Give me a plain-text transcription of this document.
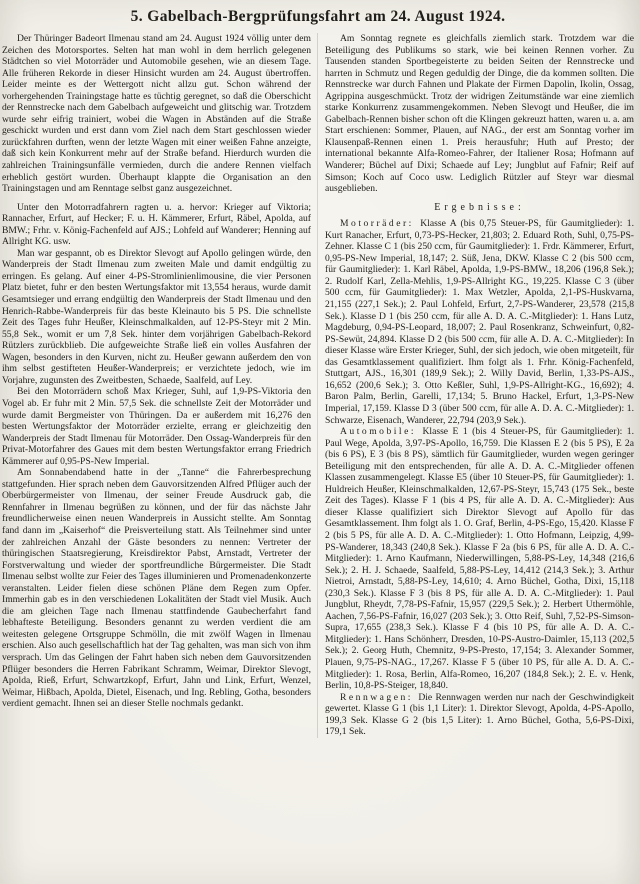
5. Gabelbach-Bergprüfungsfahrt am 24. August 1924.

Der Thüringer Badeort Ilmenau stand am 24. August 1924 völlig unter dem Zeichen des Motorsportes. Selten hat man wohl in dem herrlich gelegenen Städtchen so viel Motorräder und Automobile gesehen, wie an diesem Tage. Alle früheren Rekorde in dieser Hinsicht wurden am 24. August übertroffen. Leider meinte es der Wettergott nicht allzu gut. Schon während der vorhergehenden Trainingstage hatte es tüchtig geregnet, so daß die Oberschicht der Rennstrecke nach dem Gabelbach aufgeweicht und glitschig war. Trotzdem wurde sehr eifrig trainiert, wobei die Wagen in Abständen auf die Straße geschickt wurden und erst dann vom Ziel nach dem Start geschlossen wieder zurückfahren durften, wenn der letzte Wagen mit einer weißen Fahne anzeigte, daß sich kein Konkurrent mehr auf der Straße befand. Hierdurch wurden die zahlreichen Trainingsunfälle vermieden, durch die andere Rennen vielfach erheblich gestört wurden. Überhaupt klappte die Organisation an den Trainingstagen und am Renntage selbst ganz ausgezeichnet.

Unter den Motorradfahrern ragten u. a. hervor: Krieger auf Viktoria; Rannacher, Erfurt, auf Hecker; F. u. H. Kämmerer, Erfurt, Räbel, Apolda, auf BMW.; Frhr. v. König-Fachenfeld auf AJS.; Lohfeld auf Wanderer; Henning auf Allright KG. usw.

Man war gespannt, ob es Direktor Slevogt auf Apollo gelingen würde, den Wanderpreis der Stadt Ilmenau zum zweiten Male und damit endgültig zu erringen. Es gelang. Auf einer 4-PS-Stromlinienlimousine, die vier Personen Platz bietet, fuhr er den besten Wertungsfaktor mit 13,554 heraus, wurde damit Gesamtsieger und errang endgültig den Wanderpreis der Stadt Ilmenau und den Henrich-Rabbe-Wanderpreis für das beste Kleinauto bis 5 PS. Die schnellste Zeit des Tages fuhr Heußer, Kleinschmalkalden, auf 12-PS-Steyr mit 2 Min. 55,8 Sek., womit er um 7,8 Sek. hinter dem vorjährigen Gabelbach-Rekord Rützlers zurückblieb. Die aufgeweichte Straße ließ ein volles Ausfahren der Wagen, besonders in den Kurven, nicht zu. Heußer gewann außerdem den von ihm selbst gestifteten Heußer-Wanderpreis; er verzichtete jedoch, wie im Vorjahre, zugunsten des Zweitbesten, Schaede, Saalfeld, auf Ley.

Bei den Motorrädern schoß Max Krieger, Suhl, auf 1,9-PS-Viktoria den Vogel ab. Er fuhr mit 2 Min. 57,5 Sek. die schnellste Zeit der Motorräder und wurde damit Bergmeister von Thüringen. Da er außerdem mit 16,276 den besten Wertungsfaktor der Motorräder erzielte, errang er gleichzeitig den Wanderpreis der Stadt Ilmenau für Motorräder. Den Ossag-Wanderpreis für den Privat-Motorfahrer des Gaues mit dem besten Wertungsfaktor errang Friedrich Kämmerer auf 0,95-PS-New Imperial.

Am Sonnabendabend hatte in der „Tanne“ die Fahrerbesprechung stattgefunden. Hier sprach neben dem Gauvorsitzenden Alfred Pflüger auch der Oberbürgermeister von Ilmenau, der seiner Freude Ausdruck gab, die Rennfahrer in Ilmenau begrüßen zu können, und der für das nächste Jahr freundlicherweise einen neuen Wanderpreis in Aussicht stellte. Am Sonntag fand dann im „Kaiserhof“ die Preisverteilung statt. Als Teilnehmer sind unter der zahlreichen Anzahl der Gäste besonders zu nennen: Vertreter der thüringischen Staatsregierung, Kreisdirektor Pabst, Arnstadt, Vertreter der Forstverwaltung und wieder der sportfreundliche Bürgermeister. Die Stadt Ilmenau selbst wollte zur Feier des Tages illuminieren und Promenadenkonzerte veranstalten. Leider fielen diese schönen Pläne dem Regen zum Opfer. Immerhin gab es in den verschiedenen Lokalitäten der Stadt viel Musik. Auch die am gleichen Tage nach Ilmenau stattfindende Gaubecherfahrt fand lebhafteste Beteiligung. Besonders genannt zu werden verdient die am weitesten gelegene Ortsgruppe Schmölln, die mit zwölf Wagen in Ilmenau erschien. Also auch gesellschaftlich hat der Tag gehalten, was man sich von ihm versprach. Um das Gelingen der Fahrt haben sich neben dem Gauvorsitzenden Pflüger besonders die Herren Fabrikant Schramm, Weimar, Direktor Slevogt, Apolda, Rieß, Erfurt, Schwartzkopf, Erfurt, Jahn und Link, Erfurt, Wenzel, Weimar, Hißbach, Apolda, Dietel, Eisenach, und Ing. Rebling, Gotha, besonders verdient gemacht. Ihnen sei an dieser Stelle nochmals gedankt.

Am Sonntag regnete es gleichfalls ziemlich stark. Trotzdem war die Beteiligung des Publikums so stark, wie bei keinen Rennen vorher. Zu Tausenden standen Sportbegeisterte zu beiden Seiten der Rennstrecke und harrten in Schmutz und Regen geduldig der Dinge, die da kommen sollten. Die Rennstrecke war durch Fahnen und Plakate der Firmen Dapolin, Ikolin, Ossag, Agrippina ausgeschmückt. Trotz der widrigen Zeitumstände war eine ziemlich starke Konkurrenz zusammengekommen. Neben Slevogt und Heußer, die im Gabelbach-Rennen bisher schon oft die Klingen gekreuzt hatten, waren u. a. am Start erschienen: Sommer, Plauen, auf NAG., der erst am Sonntag vorher im Klausenpaß-Rennen einen 1. Preis herausfuhr; Huth auf Presto; der international bekannte Alfa-Romeo-Fahrer, der Italiener Rosa; Hofmann auf Wanderer; Büchel auf Dixi; Schaede auf Ley; Jungblut auf Fafnir; Reif auf Simson; Koch auf Coco usw. Lediglich Rützler auf Steyr war diesmal ausgeblieben.

Ergebnisse:

Motorräder: Klasse A (bis 0,75 Steuer-PS, für Gaumitglieder): 1. Kurt Ranacher, Erfurt, 0,73-PS-Hecker, 21,803; 2. Eduard Roth, Suhl, 0,75-PS-Zehner. Klasse C 1 (bis 250 ccm, für Gaumitglieder): 1. Frdr. Kämmerer, Erfurt, 0,95-PS-New Imperial, 18,147; 2. Süß, Jena, DKW. Klasse C 2 (bis 500 ccm, für Gaumitglieder): 1. Karl Räbel, Apolda, 1,9-PS-BMW., 18,206 (196,8 Sek.); 2. Rudolf Karl, Zella-Mehlis, 1,9-PS-Allright KG., 19,225. Klasse C 3 (über 500 ccm, für Gaumitglieder): 1. Max Wetzler, Apolda, 2,1-PS-Huskvarna, 21,155 (227,1 Sek.); 2. Paul Lohfeld, Erfurt, 2,7-PS-Wanderer, 23,578 (215,8 Sek.). Klasse D 1 (bis 250 ccm, für alle A. D. A. C.-Mitglieder): 1. Hans Lutz, Magdeburg, 0,94-PS-Leopard, 18,007; 2. Paul Rosenkranz, Schweinfurt, 0,82-PS-Sewüt, 24,894. Klasse D 2 (bis 500 ccm, für alle A. D. A. C.-Mitglieder): In dieser Klasse wäre Erster Krieger, Suhl, der sich jedoch, wie oben mitgeteilt, für das Gesamtklassement qualifiziert. Ihm folgt als 1. Frhr. König-Fachenfeld, Stuttgart, AJS., 16,301 (189,9 Sek.); 2. Willy David, Berlin, 1,33-PS-AJS., 16,652 (200,6 Sek.); 3. Otto Keßler, Suhl, 1,9-PS-Allright-KG., 16,692); 4. Baron Palm, Berlin, Garelli, 17,134; 5. Bruno Hackel, Erfurt, 1,3-PS-New Imperial, 17,159. Klasse D 3 (über 500 ccm, für alle A. D. A. C.-Mitglieder): 1. Schwarze, Eisenach, Wanderer, 22,794 (203,9 Sek.).

Automobile: Klasse E 1 (bis 4 Steuer-PS, für Gaumitglieder): 1. Paul Wege, Apolda, 3,97-PS-Apollo, 16,759. Die Klassen E 2 (bis 5 PS), E 2a (bis 6 PS), E 3 (bis 8 PS), sämtlich für Gaumitglieder, wurden wegen geringer Beteiligung mit den entsprechenden, für alle A. D. A. C.-Mitglieder offenen Klassen zusammengelegt. Klasse E5 (über 10 Steuer-PS, für Gaumitglieder): 1. Huldreich Heußer, Kleinschmalkalden, 12,67-PS-Steyr, 15,743 (175 Sek., beste Zeit des Tages). Klasse F 1 (bis 4 PS, für alle A. D. A. C.-Mitglieder): Aus dieser Klasse qualifiziert sich Direktor Slevogt auf Apollo für das Gesamtklassement. Ihm folgt als 1. O. Graf, Berlin, 4-PS-Ego, 15,420. Klasse F 2 (bis 5 PS, für alle A. D. A. C.-Mitglieder): 1. Otto Hofmann, Leipzig, 4,99-PS-Wanderer, 18,343 (240,8 Sek.). Klasse F 2a (bis 6 PS, für alle A. D. A. C.-Mitglieder): 1. Arno Kaufmann, Niederwillingen, 5,88-PS-Ley, 14,348 (216,6 Sek.); 2. H. J. Schaede, Saalfeld, 5,88-PS-Ley, 14,412 (214,3 Sek.); 3. Arthur Nietroi, Arnstadt, 5,88-PS-Ley, 14,610; 4. Arno Büchel, Gotha, Dixi, 15,118 (230,3 Sek.). Klasse F 3 (bis 8 PS, für alle A. D. A. C.-Mitglieder): 1. Paul Jungblut, Rheydt, 7,78-PS-Fafnir, 15,957 (229,5 Sek.); 2. Herbert Uthermöhle, Aachen, 7,56-PS-Fafnir, 16,027 (203 Sek.); 3. Otto Reif, Suhl, 7,52-PS-Simson-Supra, 17,655 (238,3 Sek.). Klasse F 4 (bis 10 PS, für alle A. D. A. C.-Mitglieder): 1. Hans Schönherr, Dresden, 10-PS-Austro-Daimler, 15,113 (202,5 Sek.); 2. Georg Huth, Chemnitz, 9-PS-Presto, 17,154; 3. Alexander Sommer, Plauen, 9,75-PS-NAG., 17,267. Klasse F 5 (über 10 PS, für alle A. D. A. C.-Mitglieder): 1. Rosa, Berlin, Alfa-Romeo, 16,207 (184,8 Sek.); 2. E. v. Henk, Berlin, 10,8-PS-Steiger, 18,840.

Rennwagen: Die Rennwagen werden nur nach der Geschwindigkeit gewertet. Klasse G 1 (bis 1,1 Liter): 1. Direktor Slevogt, Apolda, 4-PS-Apollo, 199,3 Sek. Klasse G 2 (bis 1,5 Liter): 1. Arno Büchel, Gotha, 5,6-PS-Dixi, 179,1 Sek.
